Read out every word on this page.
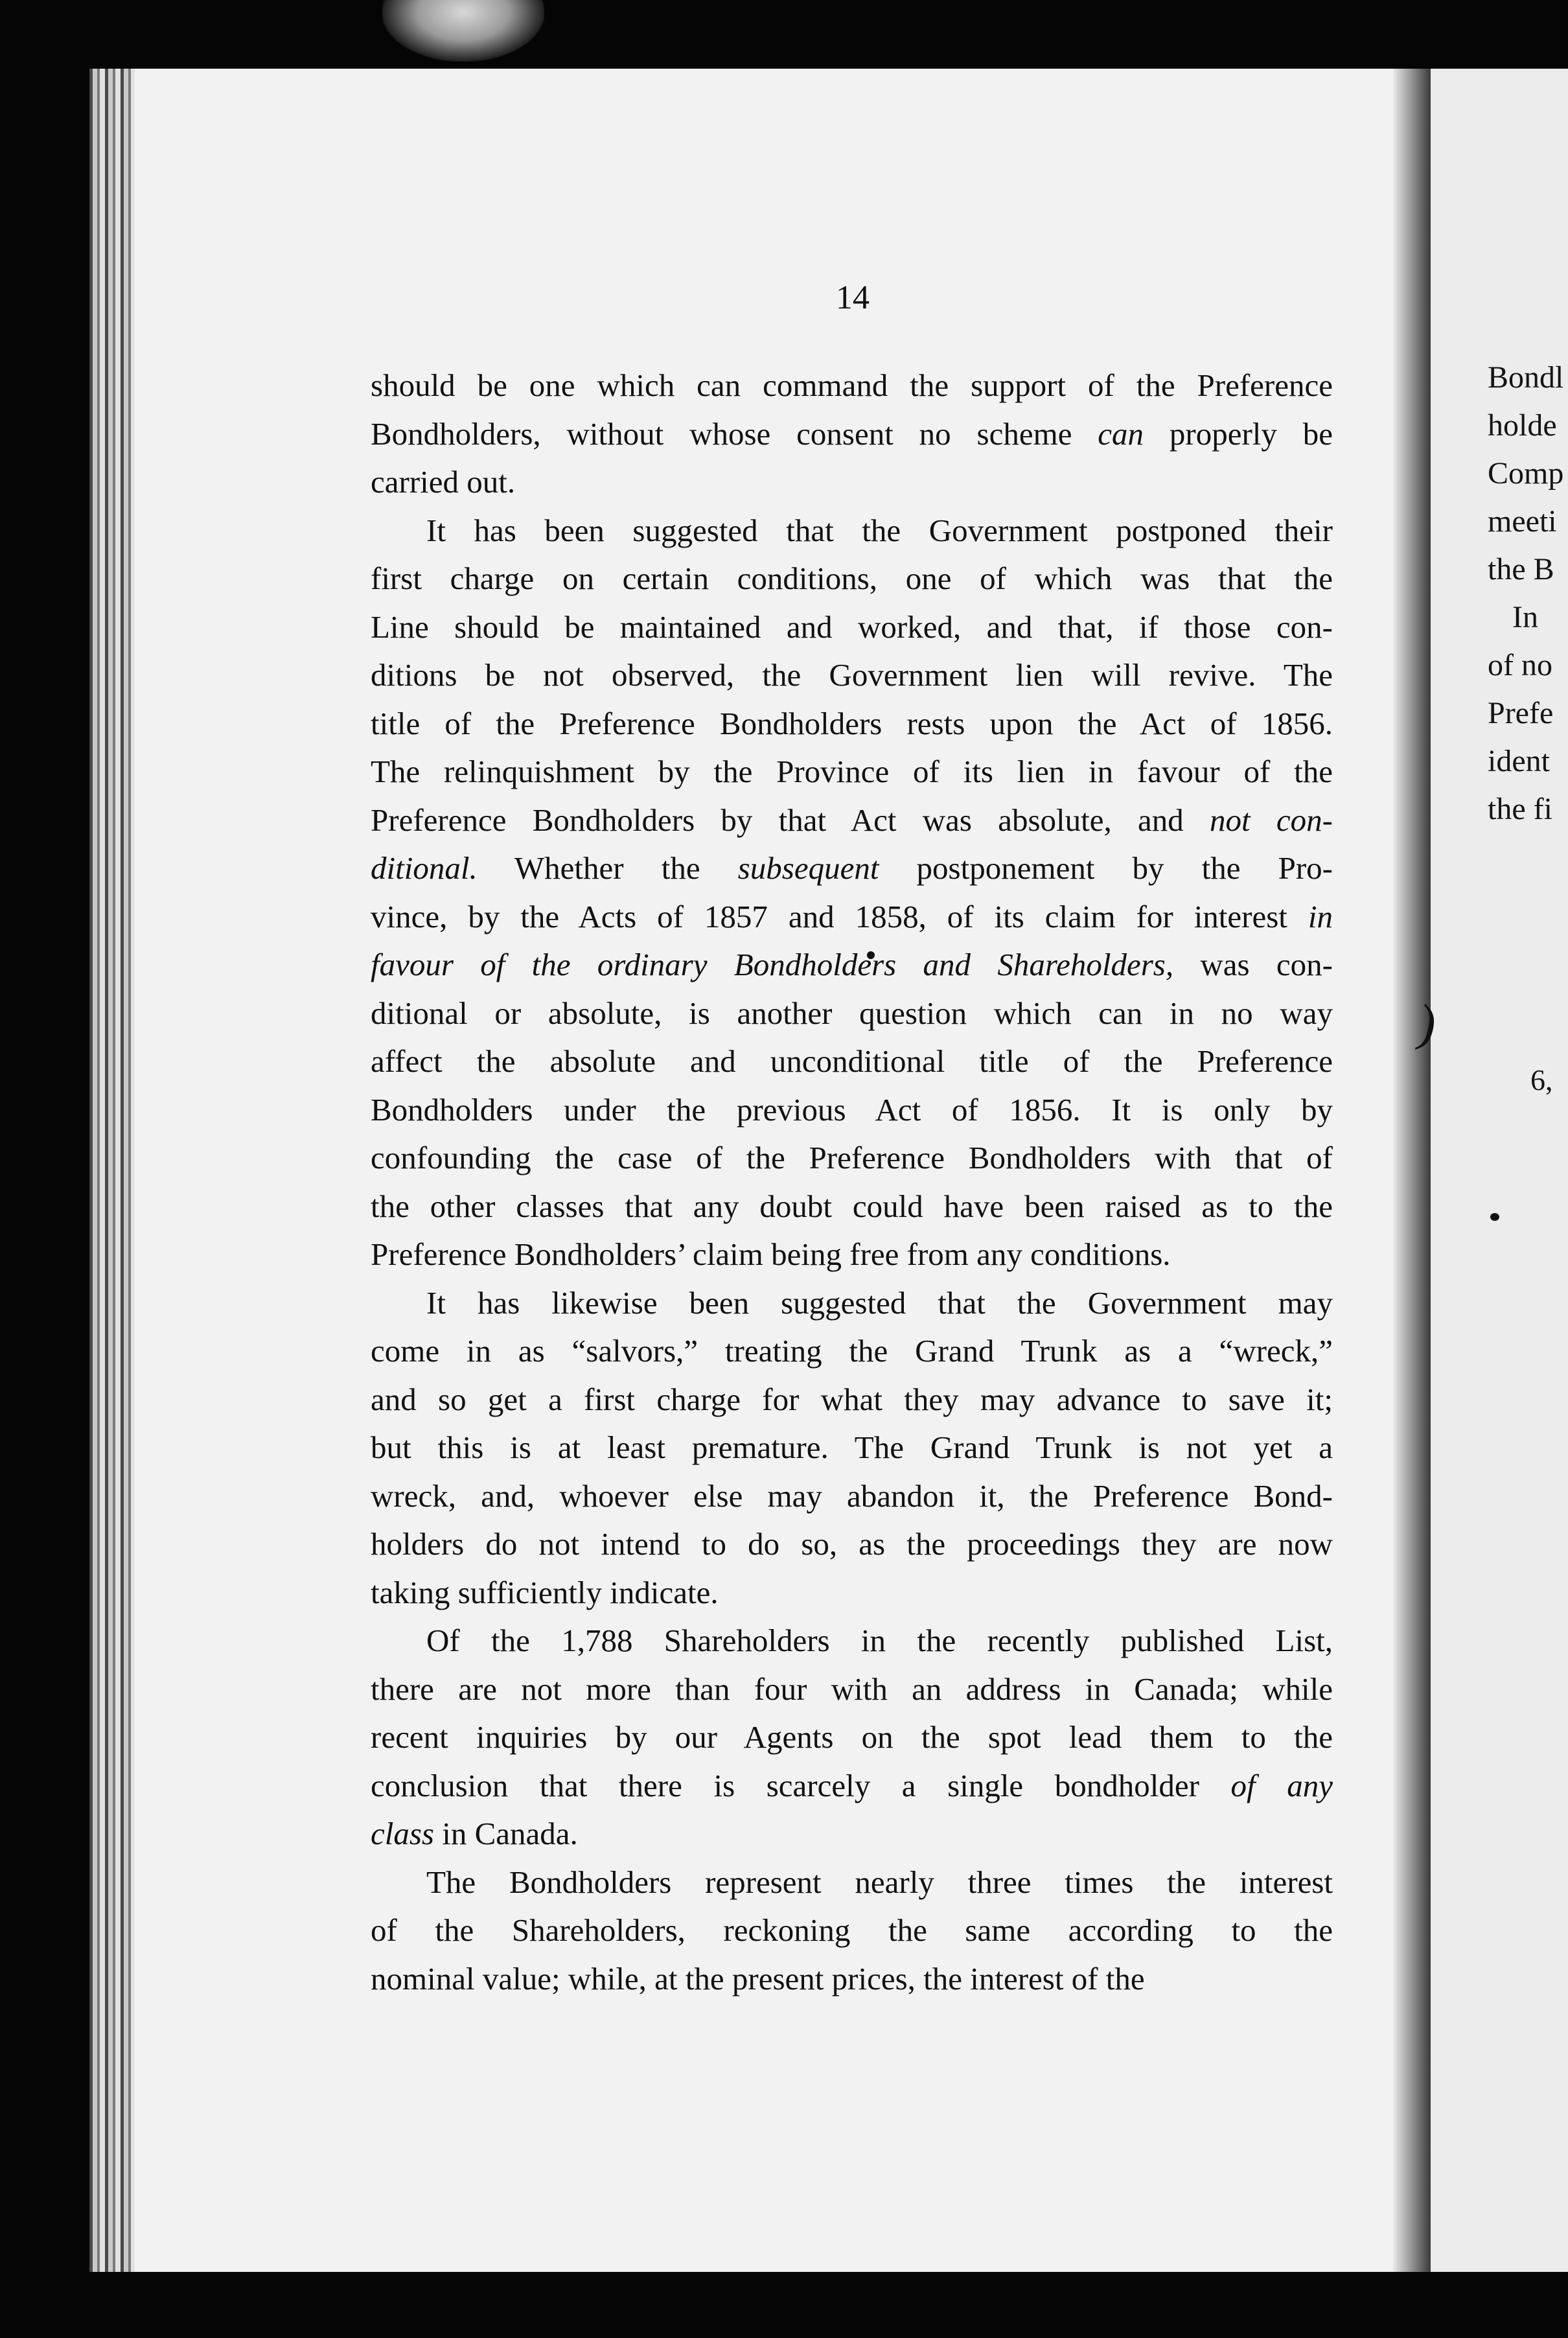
Bondl
holde
Comp
meeti
the B
In
of no
Prefe
ident
the fi
6,
)
14

should be one which can command the support of the Preference
Bondholders, without whose consent no scheme can properly be
carried out.

It has been suggested that the Government postponed their
first charge on certain conditions, one of which was that the
Line should be maintained and worked, and that, if those con-
ditions be not observed, the Government lien will revive. The
title of the Preference Bondholders rests upon the Act of 1856.
The relinquishment by the Province of its lien in favour of the
Preference Bondholders by that Act was absolute, and not con-
ditional. Whether the subsequent postponement by the Pro-
vince, by the Acts of 1857 and 1858, of its claim for interest in
favour of the ordinary Bondholders and Shareholders, was con-
ditional or absolute, is another question which can in no way
affect the absolute and unconditional title of the Preference
Bondholders under the previous Act of 1856. It is only by
confounding the case of the Preference Bondholders with that of
the other classes that any doubt could have been raised as to the
Preference Bondholders’ claim being free from any conditions.

It has likewise been suggested that the Government may
come in as “salvors,” treating the Grand Trunk as a “wreck,”
and so get a first charge for what they may advance to save it;
but this is at least premature. The Grand Trunk is not yet a
wreck, and, whoever else may abandon it, the Preference Bond-
holders do not intend to do so, as the proceedings they are now
taking sufficiently indicate.

Of the 1,788 Shareholders in the recently published List,
there are not more than four with an address in Canada; while
recent inquiries by our Agents on the spot lead them to the
conclusion that there is scarcely a single bondholder of any
class in Canada.

The Bondholders represent nearly three times the interest
of the Shareholders, reckoning the same according to the
nominal value; while, at the present prices, the interest of the
